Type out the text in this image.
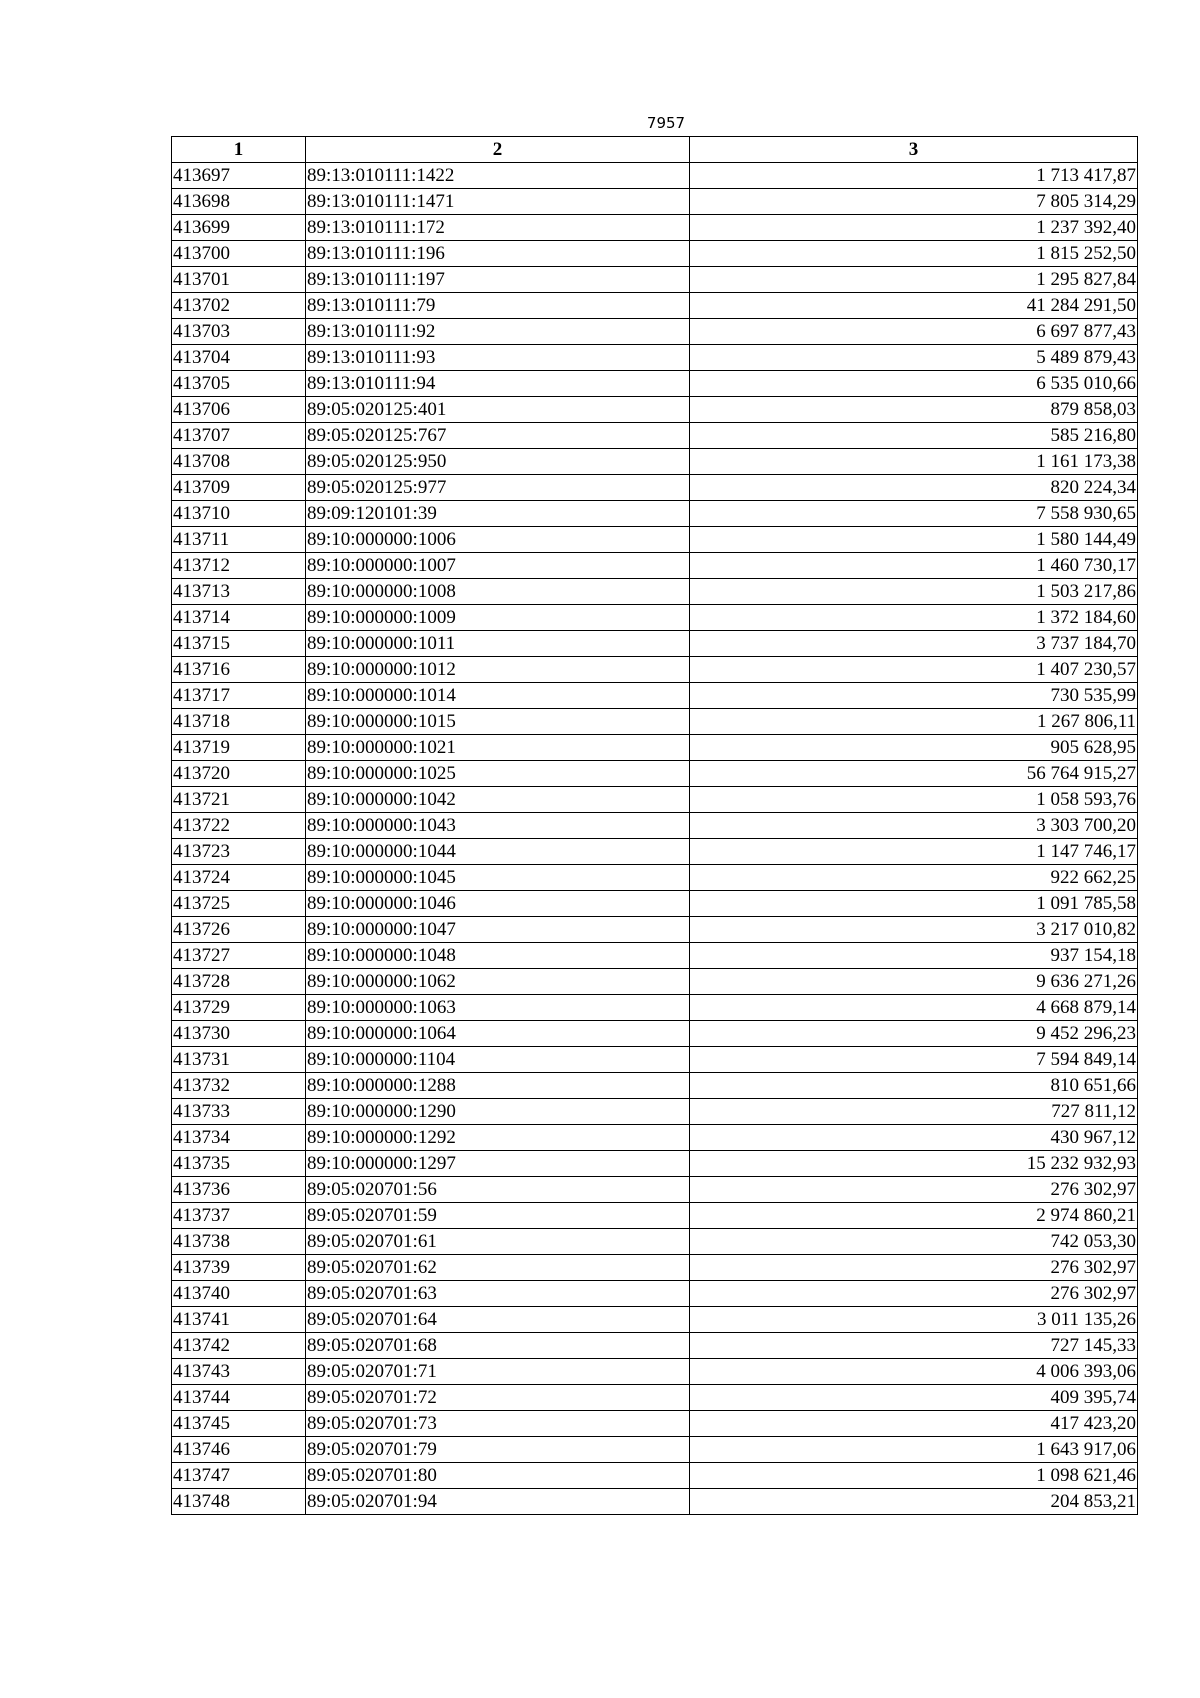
7957
1	2	3
413697	89:13:010111:1422	1 713 417,87
413698	89:13:010111:1471	7 805 314,29
413699	89:13:010111:172	1 237 392,40
413700	89:13:010111:196	1 815 252,50
413701	89:13:010111:197	1 295 827,84
413702	89:13:010111:79	41 284 291,50
413703	89:13:010111:92	6 697 877,43
413704	89:13:010111:93	5 489 879,43
413705	89:13:010111:94	6 535 010,66
413706	89:05:020125:401	879 858,03
413707	89:05:020125:767	585 216,80
413708	89:05:020125:950	1 161 173,38
413709	89:05:020125:977	820 224,34
413710	89:09:120101:39	7 558 930,65
413711	89:10:000000:1006	1 580 144,49
413712	89:10:000000:1007	1 460 730,17
413713	89:10:000000:1008	1 503 217,86
413714	89:10:000000:1009	1 372 184,60
413715	89:10:000000:1011	3 737 184,70
413716	89:10:000000:1012	1 407 230,57
413717	89:10:000000:1014	730 535,99
413718	89:10:000000:1015	1 267 806,11
413719	89:10:000000:1021	905 628,95
413720	89:10:000000:1025	56 764 915,27
413721	89:10:000000:1042	1 058 593,76
413722	89:10:000000:1043	3 303 700,20
413723	89:10:000000:1044	1 147 746,17
413724	89:10:000000:1045	922 662,25
413725	89:10:000000:1046	1 091 785,58
413726	89:10:000000:1047	3 217 010,82
413727	89:10:000000:1048	937 154,18
413728	89:10:000000:1062	9 636 271,26
413729	89:10:000000:1063	4 668 879,14
413730	89:10:000000:1064	9 452 296,23
413731	89:10:000000:1104	7 594 849,14
413732	89:10:000000:1288	810 651,66
413733	89:10:000000:1290	727 811,12
413734	89:10:000000:1292	430 967,12
413735	89:10:000000:1297	15 232 932,93
413736	89:05:020701:56	276 302,97
413737	89:05:020701:59	2 974 860,21
413738	89:05:020701:61	742 053,30
413739	89:05:020701:62	276 302,97
413740	89:05:020701:63	276 302,97
413741	89:05:020701:64	3 011 135,26
413742	89:05:020701:68	727 145,33
413743	89:05:020701:71	4 006 393,06
413744	89:05:020701:72	409 395,74
413745	89:05:020701:73	417 423,20
413746	89:05:020701:79	1 643 917,06
413747	89:05:020701:80	1 098 621,46
413748	89:05:020701:94	204 853,21
